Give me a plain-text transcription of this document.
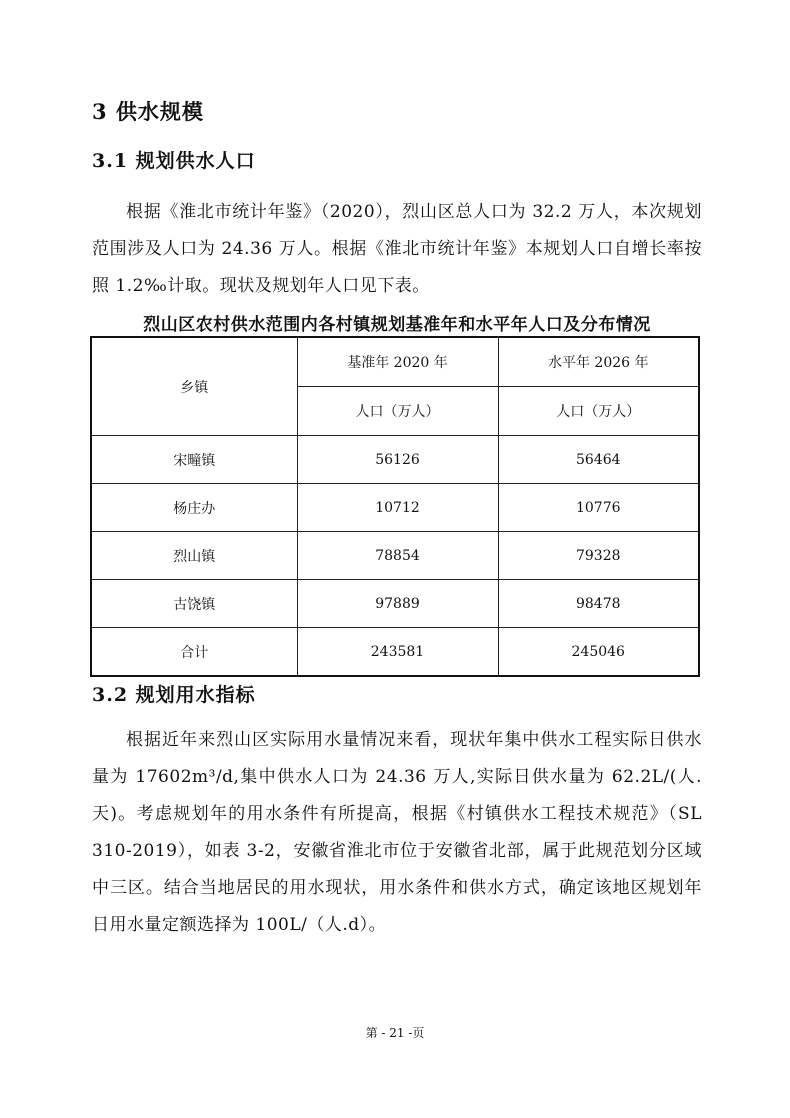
3 供水规模
3.1 规划供水人口

根据《淮北市统计年鉴》（2020），烈山区总人口为 32.2 万人，本次规划范围涉及人口为 24.36 万人。根据《淮北市统计年鉴》本规划人口自增长率按照 1.2‰计取。现状及规划年人口见下表。

烈山区农村供水范围内各村镇规划基准年和水平年人口及分布情况
乡镇	基准年 2020 年	水平年 2026 年
	人口（万人）	人口（万人）
宋疃镇	56126	56464
杨庄办	10712	10776
烈山镇	78854	79328
古饶镇	97889	98478
合计	243581	245046
3.2 规划用水指标

根据近年来烈山区实际用水量情况来看，现状年集中供水工程实际日供水量为 17602m³/d,集中供水人口为 24.36 万人,实际日供水量为 62.2L/(人.天)。考虑规划年的用水条件有所提高，根据《村镇供水工程技术规范》（SL 310-2019），如表 3-2，安徽省淮北市位于安徽省北部，属于此规范划分区域中三区。结合当地居民的用水现状，用水条件和供水方式，确定该地区规划年日用水量定额选择为 100L/（人.d）。

第 - 21 -页
